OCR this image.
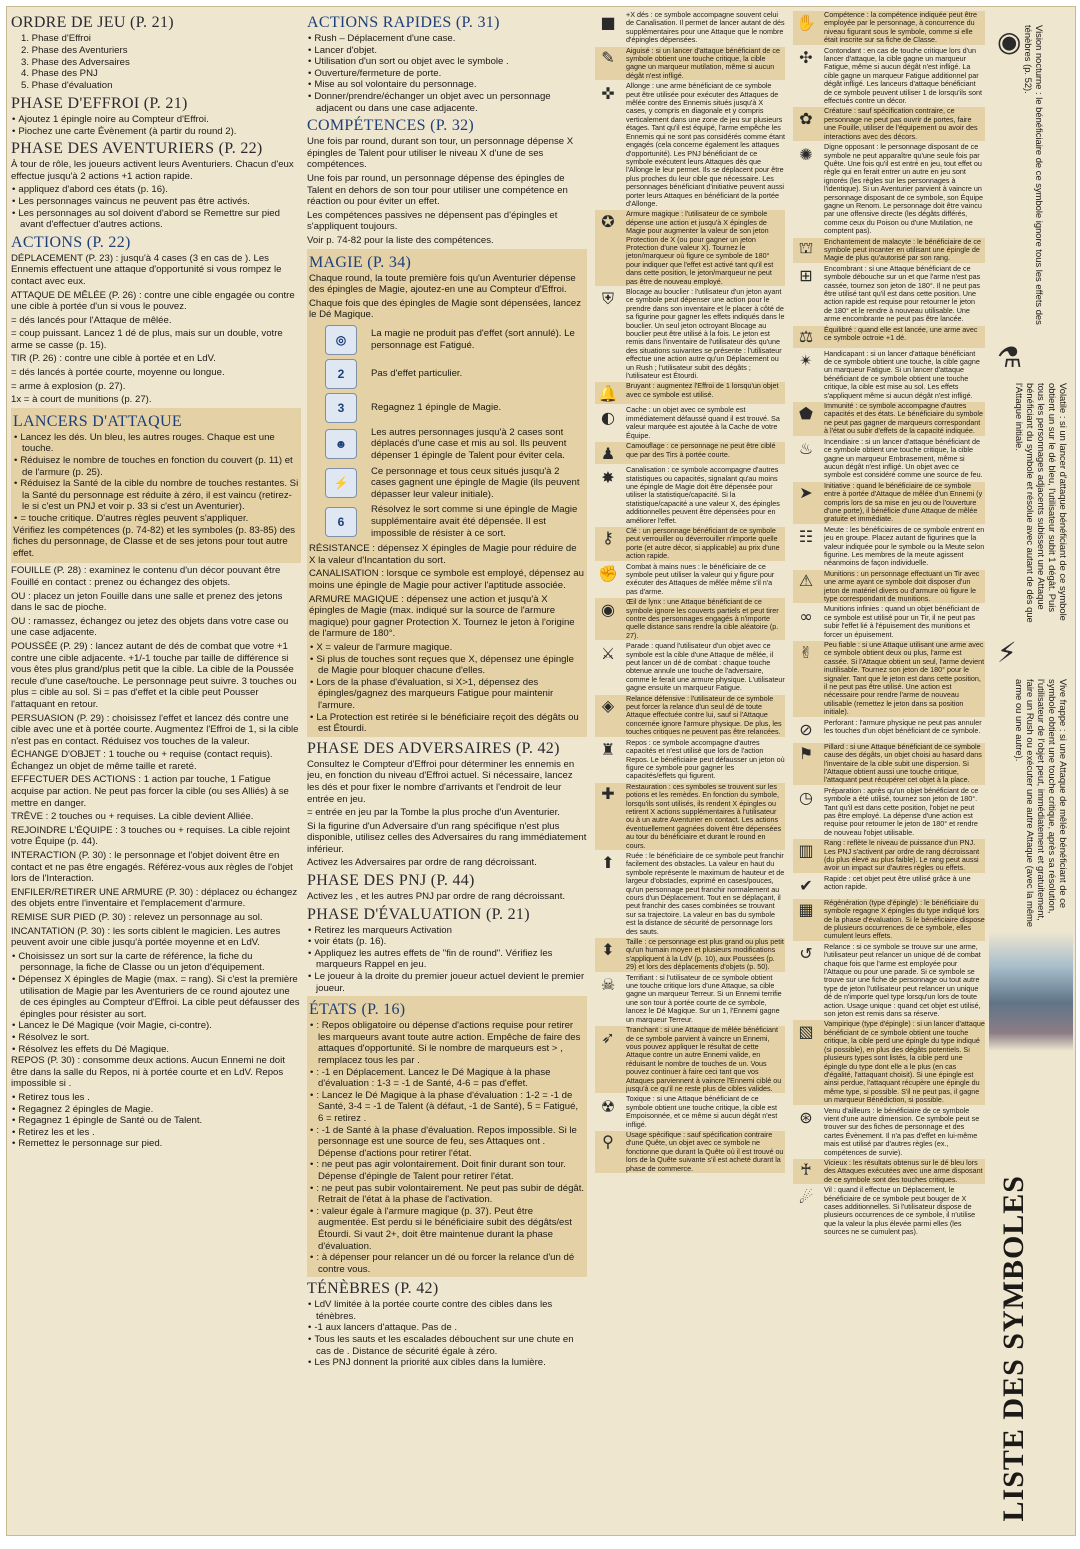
ORDRE DE JEU (P. 21)
1. Phase d'Effroi
2. Phase des Aventuriers
3. Phase des Adversaires
4. Phase des PNJ
5. Phase d'évaluation
PHASE D'EFFROI (P. 21)
• Ajoutez 1 épingle noire au Compteur d'Effroi.
• Piochez une carte Évènement (à partir du round 2).
PHASE DES AVENTURIERS (P. 22)
À tour de rôle, les joueurs activent leurs Aventuriers. Chacun d'eux effectue jusqu'à 2 actions +1 action rapide.
• appliquez d'abord ces états (p. 16).
• Les personnages vaincus ne peuvent pas être activés.
• Les personnages au sol doivent d'abord se Remettre sur pied avant d'effectuer d'autres actions.
ACTIONS (P. 22)
DÉPLACEMENT (P. 23) : jusqu'à 4 cases (3 en cas de ). Les Ennemis effectuent une attaque d'opportunité si vous rompez le contact avec eux.
ATTAQUE DE MÊLÉE (P. 26) : contre une cible engagée ou contre une cible à portée d'un si vous le pouvez.
= dés lancés pour l'Attaque de mêlée.
= coup puissant. Lancez 1 dé de plus, mais sur un double, votre arme se casse (p. 15).
TIR (P. 26) : contre une cible à portée et en LdV.
= dés lancés à portée courte, moyenne ou longue.
= arme à explosion (p. 27).
1x = à court de munitions (p. 27).
LANCERS D'ATTAQUE
• Lancez les dés. Un bleu, les autres rouges. Chaque est une touche.
• Réduisez le nombre de touches en fonction du couvert (p. 11) et de l'armure (p. 25).
• Réduisez la Santé de la cible du nombre de touches restantes. Si la Santé du personnage est réduite à zéro, il est vaincu (retirez-le si c'est un PNJ et voir p. 33 si c'est un Aventurier).
• = touche critique. D'autres règles peuvent s'appliquer.
Vérifiez les compétences (p. 74-82) et les symboles (p. 83-85) des fiches du personnage, de Classe et de ses jetons pour tout autre effet.
FOUILLE (P. 28) : examinez le contenu d'un décor pouvant être Fouillé en contact : prenez ou échangez des objets.
OU : placez un jeton Fouille dans une salle et prenez des jetons dans le sac de pioche.
OU : ramassez, échangez ou jetez des objets dans votre case ou une case adjacente.
POUSSÉE (P. 29) : lancez autant de dés de combat que votre +1 contre une cible adjacente. +1/-1 touche par taille de différence si vous êtes plus grand/plus petit que la cible. La cible de la Poussée recule d'une case/touche. Le personnage peut suivre. 3 touches ou plus = cible au sol. Si = pas d'effet et la cible peut Pousser l'attaquant en retour.
PERSUASION (P. 29) : choisissez l'effet et lancez dés contre une cible avec une et à portée courte. Augmentez l'Effroi de 1, si la cible n'est pas en contact. Réduisez vos touches de la valeur.
ÉCHANGE D'OBJET : 1 touche ou + requise (contact requis). Échangez un objet de même taille et rareté.
EFFECTUER DES ACTIONS : 1 action par touche, 1 Fatigue acquise par action. Ne peut pas forcer la cible (ou ses Alliés) à se mettre en danger.
TRÊVE : 2 touches ou + requises. La cible devient Alliée.
REJOINDRE L'ÉQUIPE : 3 touches ou + requises. La cible rejoint votre Équipe (p. 44).
INTERACTION (P. 30) : le personnage et l'objet doivent être en contact et ne pas être engagés. Référez-vous aux règles de l'objet lors de l'Interaction.
ENFILER/RETIRER UNE ARMURE (P. 30) : déplacez ou échangez des objets entre l'inventaire et l'emplacement d'armure.
REMISE SUR PIED (P. 30) : relevez un personnage au sol.
INCANTATION (P. 30) : les sorts ciblent le magicien. Les autres peuvent avoir une cible jusqu'à portée moyenne et en LdV.
• Choisissez un sort sur la carte de référence, la fiche du personnage, la fiche de Classe ou un jeton d'équipement.
• Dépensez X épingles de Magie (max. = rang). Si c'est la première utilisation de Magie par les Aventuriers de ce round ajoutez une de ces épingles au Compteur d'Effroi. La cible peut défausser des épingles pour résister au sort.
• Lancez le Dé Magique (voir Magie, ci-contre).
• Résolvez le sort.
• Résolvez les effets du Dé Magique.
REPOS (P. 30) : consomme deux actions. Aucun Ennemi ne doit être dans la salle du Repos, ni à portée courte et en LdV. Repos impossible si .
• Retirez tous les .
• Regagnez 2 épingles de Magie.
• Regagnez 1 épingle de Santé ou de Talent.
• Retirez les et les .
• Remettez le personnage sur pied.
ACTIONS RAPIDES (P. 31)
• Rush – Déplacement d'une case.
• Lancer d'objet.
• Utilisation d'un sort ou objet avec le symbole .
• Ouverture/fermeture de porte.
• Mise au sol volontaire du personnage.
• Donner/prendre/échanger un objet avec un personnage adjacent ou dans une case adjacente.
COMPÉTENCES (P. 32)
Une fois par round, durant son tour, un personnage dépense X épingles de Talent pour utiliser le niveau X d'une de ses compétences.
Une fois par round, un personnage dépense des épingles de Talent en dehors de son tour pour utiliser une compétence en réaction ou pour éviter un effet.
Les compétences passives ne dépensent pas d'épingles et s'appliquent toujours.
Voir p. 74-82 pour la liste des compétences.
MAGIE (P. 34)
Chaque round, la toute première fois qu'un Aventurier dépense des épingles de Magie, ajoutez-en une au Compteur d'Effroi.
Chaque fois que des épingles de Magie sont dépensées, lancez le Dé Magique.
◎	La magie ne produit pas d'effet (sort annulé). Le personnage est Fatigué.
2	Pas d'effet particulier.
3	Regagnez 1 épingle de Magie.
☻
Les autres personnages jusqu'à 2 cases sont déplacés d'une case et mis au sol. Ils peuvent dépenser 1 épingle de Talent pour éviter cela.
⚡
Ce personnage et tous ceux situés jusqu'à 2 cases gagnent une épingle de Magie (ils peuvent dépasser leur valeur initiale).
6
Résolvez le sort comme si une épingle de Magie supplémentaire avait été dépensée. Il est impossible de résister à ce sort.
RÉSISTANCE : dépensez X épingles de Magie pour réduire de X la valeur d'Incantation du sort.
CANALISATION : lorsque ce symbole est employé, dépensez au moins une épingle de Magie pour activer l'aptitude associée.
ARMURE MAGIQUE : dépensez une action et jusqu'à X épingles de Magie (max. indiqué sur la source de l'armure magique) pour gagner Protection X. Tournez le jeton à l'origine de l'armure de 180°.
• X = valeur de l'armure magique.
• Si plus de touches sont reçues que X, dépensez une épingle de Magie pour bloquer chacune d'elles.
• Lors de la phase d'évaluation, si X>1, dépensez des épingles/gagnez des marqueurs Fatigue pour maintenir l'armure.
• La Protection est retirée si le bénéficiaire reçoit des dégâts ou est Étourdi.
PHASE DES ADVERSAIRES (P. 42)
Consultez le Compteur d'Effroi pour déterminer les ennemis en jeu, en fonction du niveau d'Effroi actuel. Si nécessaire, lancez les dés et pour fixer le nombre d'arrivants et l'endroit de leur entrée en jeu.
= entrée en jeu par la Tombe la plus proche d'un Aventurier.
Si la figurine d'un Adversaire d'un rang spécifique n'est plus disponible, utilisez celles des Adversaires du rang immédiatement inférieur.
Activez les Adversaires par ordre de rang décroissant.
PHASE DES PNJ (P. 44)
Activez les , et les autres PNJ par ordre de rang décroissant.
PHASE D'ÉVALUATION (P. 21)
• Retirez les marqueurs Activation
• voir états (p. 16).
• Appliquez les autres effets de "fin de round". Vérifiez les marqueurs Rappel en jeu.
• Le joueur à la droite du premier joueur actuel devient le premier joueur.
ÉTATS (P. 16)
• : Repos obligatoire ou dépense d'actions requise pour retirer les marqueurs avant toute autre action. Empêche de faire des attaques d'opportunité. Si le nombre de marqueurs est > , remplacez tous les par .
• : -1 en Déplacement. Lancez le Dé Magique à la phase d'évaluation : 1-3 = -1 de Santé, 4-6 = pas d'effet.
• : Lancez le Dé Magique à la phase d'évaluation : 1-2 = -1 de Santé, 3-4 = -1 de Talent (à défaut, -1 de Santé), 5 = Fatigué, 6 = retirez .
• : -1 de Santé à la phase d'évaluation. Repos impossible. Si le personnage est une source de feu, ses Attaques ont . Dépense d'actions pour retirer l'état.
• : ne peut pas agir volontairement. Doit finir durant son tour. Dépense d'épingle de Talent pour retirer l'état.
• : ne peut pas subir volontairement. Ne peut pas subir de dégât. Retrait de l'état à la phase de l'activation.
• : valeur égale à l'armure magique (p. 37). Peut être augmentée. Est perdu si le bénéficiaire subit des dégâts/est Étourdi. Si vaut 2+, doit être maintenue durant la phase d'évaluation.
• : à dépenser pour relancer un dé ou forcer la relance d'un dé contre vous.
TÉNÈBRES (P. 42)
• LdV limitée à la portée courte contre des cibles dans les ténèbres.
• -1 aux lancers d'attaque. Pas de .
• Tous les sauts et les escalades débouchent sur une chute en cas de . Distance de sécurité égale à zéro.
• Les PNJ donnent la priorité aux cibles dans la lumière.
■	+X dés : ce symbole accompagne souvent celui de Canalisation. Il permet de lancer autant de dés supplémentaires pour une Attaque que le nombre d'épingles dépensées.
✎	Aiguisé : si un lancer d'attaque bénéficiant de ce symbole obtient une touche critique, la cible gagne un marqueur mutilation, même si aucun dégât n'est infligé.
✜	Allonge : une arme bénéficiant de ce symbole peut être utilisée pour exécuter des Attaques de mêlée contre des Ennemis situés jusqu'à X cases, y compris en diagonale et y compris verticalement dans une zone de jeu sur plusieurs étages. Tant qu'il est équipé, l'arme empêche les Ennemis qui ne sont pas considérés comme étant engagés (cela concerne également les attaques d'opportunité). Les PNJ bénéficiant de ce symbole exécutent leurs Attaques dès que l'Allonge le leur permet. Ils se déplacent pour être plus proches du leur cible que nécessaire. Les personnages bénéficiant d'initiative peuvent aussi porter leurs Attaques en bénéficiant de la portée d'Allonge.
✪	Armure magique : l'utilisateur de ce symbole dépense une action et jusqu'à X épingles de Magie pour augmenter la valeur de son jeton Protection de X (ou pour gagner un jeton Protection d'une valeur X). Tournez le jeton/marqueur où figure ce symbole de 180° pour indiquer que l'effet est activé tant qu'il est dans cette position, le jeton/marqueur ne peut pas être de nouveau employé.
⛨	Blocage au bouclier : l'utilisateur d'un jeton ayant ce symbole peut dépenser une action pour le prendre dans son inventaire et le placer à côté de sa figurine pour gagner les effets indiqués dans le bouclier. Un seul jeton octroyant Blocage au bouclier peut être utilisé à la fois. Le jeton est remis dans l'inventaire de l'utilisateur dès qu'une des situations suivantes se présente : l'utilisateur effectue une action autre qu'un Déplacement ou un Rush ; l'utilisateur subit des dégâts ; l'utilisateur est Étourdi.
🔔	Bruyant : augmentez l'Effroi de 1 lorsqu'un objet avec ce symbole est utilisé.
◐	Cache : un objet avec ce symbole est immédiatement défaussé quand il est trouvé. Sa valeur marquée est ajoutée à la Cache de votre Équipe.
♟	Camouflage : ce personnage ne peut être ciblé que par des Tirs à portée courte.
✸	Canalisation : ce symbole accompagne d'autres statistiques ou capacités, signalant qu'au moins une épingle de Magie doit être dépensée pour utiliser la statistique/capacité. Si la statistique/capacité a une valeur X, des épingles additionnelles peuvent être dépensées pour en améliorer l'effet.
⚷	Clé : un personnage bénéficiant de ce symbole peut verrouiller ou déverrouiller n'importe quelle porte (et autre décor, si applicable) au prix d'une action rapide.
✊	Combat à mains nues : le bénéficiaire de ce symbole peut utiliser la valeur qui y figure pour exécuter des Attaques de mêlée même s'il n'a pas d'arme.
◉	Œil de lynx : une Attaque bénéficiant de ce symbole ignore les couverts partiels et peut tirer contre des personnages engagés à n'importe quelle distance sans rendre la cible aléatoire (p. 27).
⚔	Parade : quand l'utilisateur d'un objet avec ce symbole est la cible d'une Attaque de mêlée, il peut lancer un dé de combat : chaque touche obtenue annule une touche de l'adversaire, comme le ferait une armure physique. L'utilisateur gagne ensuite un marqueur Fatigue.
◈	Relance défensive : l'utilisateur de ce symbole peut forcer la relance d'un seul dé de toute Attaque effectuée contre lui, sauf si l'Attaque concernée ignore l'armure physique. De plus, les touches critiques ne peuvent pas être relancées.
♜	Repos : ce symbole accompagne d'autres capacités et n'est utilisé que lors de l'action Repos. Le bénéficiaire peut défausser un jeton où figure ce symbole pour gagner les capacités/effets qui figurent.
✚	Restauration : ces symboles se trouvent sur les potions et les remèdes. En fonction du symbole, lorsqu'ils sont utilisés, ils rendent X épingles ou retirent X actions supplémentaires à l'utilisateur ou à un autre Aventurier en contact. Les actions éventuellement gagnées doivent être dépensées au tour du bénéficiaire et durant le round en cours.
⬆	Ruée : le bénéficiaire de ce symbole peut franchir facilement des obstacles. La valeur en haut du symbole représente le maximum de hauteur et de largeur d'obstacles, exprimé en cases/pouces, qu'un personnage peut franchir normalement au cours d'un Déplacement. Tout en se déplaçant, il peut franchir des cases combinées se trouvant sur sa trajectoire. La valeur en bas du symbole est la distance de sécurité de personnage lors des sauts.
⬍	Taille : ce personnage est plus grand ou plus petit qu'un humain moyen et plusieurs modifications s'appliquent à la LdV (p. 10), aux Poussées (p. 29) et lors des déplacements d'objets (p. 50).
☠	Terrifiant : si l'utilisateur de ce symbole obtient une touche critique lors d'une Attaque, sa cible gagne un marqueur Terreur. Si un Ennemi terrifie une son tour à portée courte de ce symbole, lancez le Dé Magique. Sur un 1, l'Ennemi gagne un marqueur Terreur.
➶	Tranchant : si une Attaque de mêlée bénéficiant de ce symbole parvient à vaincre un Ennemi, vous pouvez appliquer le résultat de cette Attaque contre un autre Ennemi valide, en réduisant le nombre de touches de un. Vous pouvez continuer à faire ceci tant que vos Attaques parviennent à vaincre l'Ennemi ciblé ou jusqu'à ce qu'il ne reste plus de cibles valides.
☢	Toxique : si une Attaque bénéficiant de ce symbole obtient une touche critique, la cible est Empoisonnée, et ce même si aucun dégât n'est infligé.
⚲	Usage spécifique : sauf spécification contraire d'une Quête, un objet avec ce symbole ne fonctionne que durant la Quête où il est trouvé ou lors de la Quête suivante s'il est acheté durant la phase de commerce.
✋	Compétence : la compétence indiquée peut être employée par le personnage, à concurrence du niveau figurant sous le symbole, comme si elle était inscrite sur sa fiche de Classe.
✣	Contondant : en cas de touche critique lors d'un lancer d'attaque, la cible gagne un marqueur Fatigue, même si aucun dégât n'est infligé. La cible gagne un marqueur Fatigue additionnel par dégât infligé. Les lanceurs d'attaque bénéficiant de ce symbole peuvent utiliser 1 de lorsqu'ils sont effectués contre un décor.
✿	Créature : sauf spécification contraire, ce personnage ne peut pas ouvrir de portes, faire une Fouille, utiliser de l'équipement ou avoir des interactions avec des décors.
✺	Digne opposant : le personnage disposant de ce symbole ne peut apparaître qu'une seule fois par Quête. Une fois qu'il est entré en jeu, tout effet ou règle qui en ferait entrer un autre en jeu sont ignorés (les règles sur les personnages à l'identique). Si un Aventurier parvient à vaincre un personnage disposant de ce symbole, son Équipe gagne un Renom. Le personnage doit être vaincu par une offensive directe (les dégâts différés, comme ceux du Poison ou d'une Mutilation, ne comptent pas).
⛫	Enchantement de malacyte : le bénéficiaire de ce symbole peut incanter en utilisant une épingle de Magie de plus qu'autorisé par son rang.
⊞	Encombrant : si une Attaque bénéficiant de ce symbole débouche sur un et que l'arme n'est pas cassée, tournez son jeton de 180°. Il ne peut pas être utilisé tant qu'il est dans cette position. Une action rapide est requise pour retourner le jeton de 180° et le rendre à nouveau utilisable. Une arme encombrante ne peut pas être lancée.
⚖	Équilibré : quand elle est lancée, une arme avec ce symbole octroie +1 dé.
✴	Handicapant : si un lancer d'attaque bénéficiant de ce symbole obtient une touche, la cible gagne un marqueur Fatigue. Si un lancer d'attaque bénéficiant de ce symbole obtient une touche critique, la cible est mise au sol. Les effets s'appliquent même si aucun dégât n'est infligé.
⬟	Immunité : ce symbole accompagne d'autres capacités et des états. Le bénéficiaire du symbole ne peut pas gagner de marqueurs correspondant à l'état ou subir d'effets de la capacité indiquée.
♨	Incendiaire : si un lancer d'attaque bénéficiant de ce symbole obtient une touche critique, la cible gagne un marqueur Embrasement, même si aucun dégât n'est infligé. Un objet avec ce symbole est considéré comme une source de feu.
➤	Initiative : quand le bénéficiaire de ce symbole entre à portée d'Attaque de mêlée d'un Ennemi (y compris lors de sa mise en jeu ou de l'ouverture d'une porte), il bénéficie d'une Attaque de mêlée gratuite et immédiate.
☷	Meute : les bénéficiaires de ce symbole entrent en jeu en groupe. Placez autant de figurines que la valeur indiquée pour le symbole ou la Meute selon figurine. Les membres de la meute agissent néanmoins de façon individuelle.
⚠	Munitions : un personnage effectuant un Tir avec une arme ayant ce symbole doit disposer d'un jeton de matériel divers ou d'armure où figure le type correspondant de munitions.
∞	Munitions infinies : quand un objet bénéficiant de ce symbole est utilisé pour un Tir, il ne peut pas subir l'effet lié à l'épuisement des munitions et forcer un épuisement.
✌	Peu fiable : si une Attaque utilisant une arme avec ce symbole obtient deux ou plus, l'arme est cassée. Si l'Attaque obtient un seul, l'arme devient inutilisable. Tournez son jeton de 180° pour le signaler. Tant que le jeton est dans cette position, il ne peut pas être utilisé. Une action est nécessaire pour rendre l'arme de nouveau utilisable (remettez le jeton dans sa position initiale).
⊘	Perforant : l'armure physique ne peut pas annuler les touches d'un objet bénéficiant de ce symbole.
⚑	Pillard : si une Attaque bénéficiant de ce symbole cause des dégâts, un objet choisi au hasard dans l'inventaire de la cible subit une dispersion. Si l'Attaque obtient aussi une touche critique, l'attaquant peut récupérer cet objet à la place.
◷	Préparation : après qu'un objet bénéficiant de ce symbole a été utilisé, tournez son jeton de 180°. Tant qu'il est dans cette position, l'objet ne peut pas être employé. La dépense d'une action est requise pour retourner le jeton de 180° et rendre de nouveau l'objet utilisable.
▥	Rang : reflète le niveau de puissance d'un PNJ. Les PNJ s'activent par ordre de rang décroissant (du plus élevé au plus faible). Le rang peut aussi avoir un impact sur d'autres règles ou effets.
✔	Rapide : cet objet peut être utilisé grâce à une action rapide.
▦	Régénération (type d'épingle) : le bénéficiaire du symbole regagne X épingles du type indiqué lors de la phase d'évaluation. Si le bénéficiaire dispose de plusieurs occurrences de ce symbole, elles cumulent leurs effets.
↺	Relance : si ce symbole se trouve sur une arme, l'utilisateur peut relancer un unique dé de combat chaque fois que l'arme est employée pour l'Attaque ou pour une parade. Si ce symbole se trouve sur une fiche de personnage ou tout autre type de jeton l'utilisateur peut relancer un unique dé de n'importe quel type lorsqu'un lors de toute action. Usage unique : quand cet objet est utilisé, son jeton est remis dans sa réserve.
▧	Vampirique (type d'épingle) : si un lancer d'attaque bénéficiant de ce symbole obtient une touche critique, la cible perd une épingle du type indiqué (si possible), en plus des dégâts potentiels. Si plusieurs types sont listés, la cible perd une épingle du type dont elle a le plus (en cas d'égalité, l'attaquant choisit). Si une épingle est ainsi perdue, l'attaquant récupère une épingle du même type, si possible. S'il ne peut pas, il gagne un marqueur Bénédiction, si possible.
⊛	Venu d'ailleurs : le bénéficiaire de ce symbole vient d'une autre dimension. Ce symbole peut se trouver sur des fiches de personnage et des cartes Évènement. Il n'a pas d'effet en lui-même mais est utilisé par d'autres règles (ex., compétences de survie).
♰	Vicieux : les résultats obtenus sur le dé bleu lors des Attaques exécutées avec une arme disposant de ce symbole sont des touches critiques.
☄	Vil : quand il effectue un Déplacement, le bénéficiaire de ce symbole peut bouger de X cases additionnelles. Si l'utilisateur dispose de plusieurs occurrences de ce symbole, il n'utilise que la valeur la plus élevée parmi elles (les sources ne se cumulent pas).
◉	Vision nocturne : le bénéficiaire de ce symbole ignore tous les effets des ténèbres (p. 52).
⚗
Volatile : si un lancer d'attaque bénéficiant de ce symbole obtient un sur le dé bleu, l'utilisateur subit 1 dégât. Puis tous les personnages adjacents subissent une Attaque bénéficiant du symbole et résolue avec autant de dés que l'Attaque initiale.
⚡
Vive frappe : si une Attaque de mêlée bénéficiant de ce symbole obtient une touche critique, après sa résolution, l'utilisateur de l'objet peut, immédiatement et gratuitement, faire un Rush ou exécuter une autre Attaque (avec la même arme ou une autre).
LISTE DES SYMBOLES
